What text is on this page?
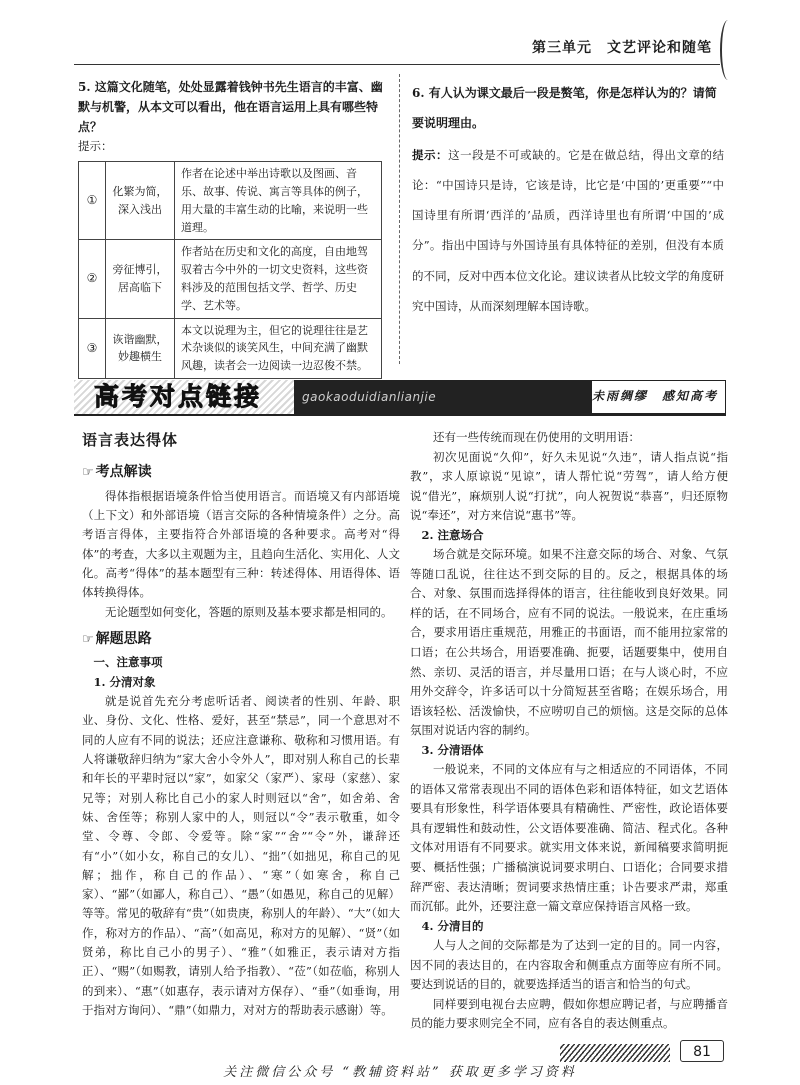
第三单元　文艺评论和随笔
5. 这篇文化随笔，处处显露着钱钟书先生语言的丰富、幽默与机警，从本文可以看出，他在语言运用上具有哪些特点？
提示：
①	化繁为简，深入浅出	作者在论述中举出诗歌以及图画、音乐、故事、传说、寓言等具体的例子，用大量的丰富生动的比喻，来说明一些道理。
②	旁征博引，居高临下	作者站在历史和文化的高度，自由地驾驭着古今中外的一切文史资料，这些资料涉及的范围包括文学、哲学、历史学、艺术等。
③	诙谐幽默，妙趣横生	本文以说理为主，但它的说理往往是艺术杂谈似的谈笑风生，中间充满了幽默风趣，读者会一边阅读一边忍俊不禁。
6. 有人认为课文最后一段是赘笔，你是怎样认为的？请简要说明理由。

提示：这一段是不可或缺的。它是在做总结，得出文章的结论：“中国诗只是诗，它该是诗，比它是‘中国的’更重要”“中国诗里有所谓‘西洋的’品质，西洋诗里也有所谓‘中国的’成分”。指出中国诗与外国诗虽有具体特征的差别，但没有本质的不同，反对中西本位文化论。建议读者从比较文学的角度研究中国诗，从而深刻理解本国诗歌。

高考对点链接	gaokaoduidianlianjie	未雨绸缪　感知高考

语言表达得体

☞ 考点解读

得体指根据语境条件恰当使用语言。而语境又有内部语境（上下文）和外部语境（语言交际的各种情境条件）之分。高考语言得体，主要指符合外部语境的各种要求。高考对“得体”的考查，大多以主观题为主，且趋向生活化、实用化、人文化。高考“得体”的基本题型有三种：转述得体、用语得体、语体转换得体。

无论题型如何变化，答题的原则及基本要求都是相同的。

☞ 解题思路

一、注意事项

1. 分清对象

就是说首先充分考虑听话者、阅读者的性别、年龄、职业、身份、文化、性格、爱好，甚至“禁忌”，同一个意思对不同的人应有不同的说法；还应注意谦称、敬称和习惯用语。有人将谦敬辞归纳为“家大舍小令外人”，即对别人称自己的长辈和年长的平辈时冠以“家”，如家父（家严）、家母（家慈）、家兄等；对别人称比自己小的家人时则冠以“舍”，如舍弟、舍妹、舍侄等；称别人家中的人，则冠以“令”表示敬重，如令堂、令尊、令郎、令爱等。除“家”“舍”“令”外，谦辞还有“小”（如小女，称自己的女儿）、“拙”（如拙见，称自己的见解；拙作，称自己的作品）、“寒”（如寒舍，称自己家）、“鄙”（如鄙人，称自己）、“愚”（如愚见，称自己的见解）等等。常见的敬辞有“贵”（如贵庚，称别人的年龄）、“大”（如大作，称对方的作品）、“高”（如高见，称对方的见解）、“贤”（如贤弟，称比自己小的男子）、“雅”（如雅正，表示请对方指正）、“赐”（如赐教，请别人给予指教）、“莅”（如莅临，称别人的到来）、“惠”（如惠存，表示请对方保存）、“垂”（如垂询，用于指对方询问）、“鼎”（如鼎力，对对方的帮助表示感谢）等。

还有一些传统而现在仍使用的文明用语：

初次见面说“久仰”，好久未见说“久违”，请人指点说“指教”，求人原谅说“见谅”，请人帮忙说“劳驾”，请人给方便说“借光”，麻烦别人说“打扰”，向人祝贺说“恭喜”，归还原物说“奉还”，对方来信说“惠书”等。

2. 注意场合

场合就是交际环境。如果不注意交际的场合、对象、气氛等随口乱说，往往达不到交际的目的。反之，根据具体的场合、对象、氛围而选择得体的语言，往往能收到良好效果。同样的话，在不同场合，应有不同的说法。一般说来，在庄重场合，要求用语庄重规范，用雅正的书面语，而不能用拉家常的口语；在公共场合，用语要准确、扼要，话题要集中，使用自然、亲切、灵活的语言，并尽量用口语；在与人谈心时，不应用外交辞令，许多话可以十分简短甚至省略；在娱乐场合，用语该轻松、活泼愉快，不应唠叨自己的烦恼。这是交际的总体氛围对说话内容的制约。

3. 分清语体

一般说来，不同的文体应有与之相适应的不同语体，不同的语体又常常表现出不同的语体色彩和语体特征，如文艺语体要具有形象性，科学语体要具有精确性、严密性，政论语体要具有逻辑性和鼓动性，公文语体要准确、简洁、程式化。各种文体对用语有不同要求。就实用文体来说，新闻稿要求简明扼要、概括性强；广播稿演说词要求明白、口语化；合同要求措辞严密、表达清晰；贺词要求热情庄重；讣告要求严肃，郑重而沉郁。此外，还要注意一篇文章应保持语言风格一致。

4. 分清目的

人与人之间的交际都是为了达到一定的目的。同一内容，因不同的表达目的，在内容取舍和侧重点方面等应有所不同。要达到说话的目的，就要选择适当的语言和恰当的句式。

同样要到电视台去应聘，假如你想应聘记者，与应聘播音员的能力要求则完全不同，应有各自的表达侧重点。

81
关注微信公众号 “教辅资料站” 获取更多学习资料
